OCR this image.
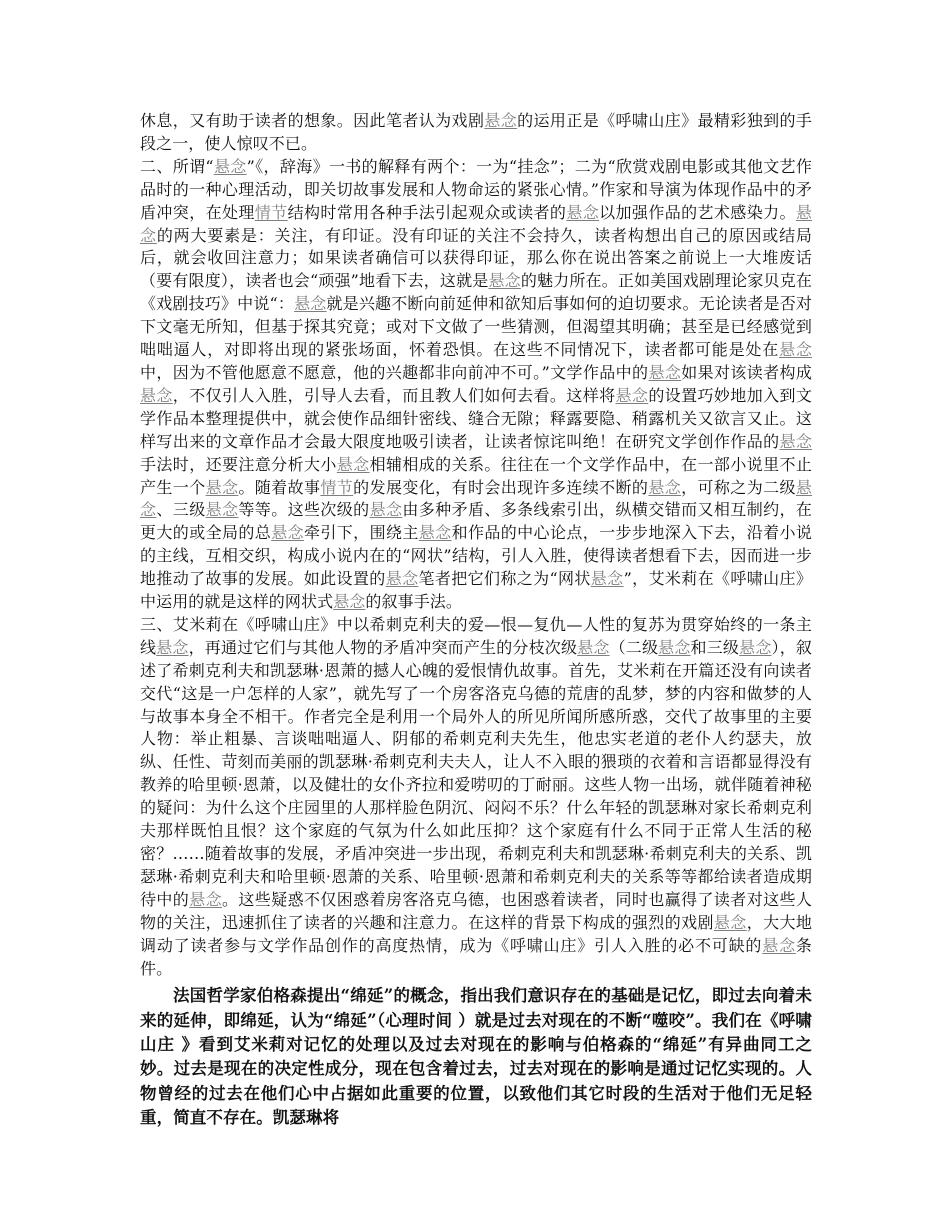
休息，又有助于读者的想象。因此笔者认为戏剧悬念的运用正是《呼啸山庄》最精彩独到的手段之一，使人惊叹不已。

二、所谓“悬念”《，辞海》一书的解释有两个：一为“挂念”；二为“欣赏戏剧电影或其他文艺作品时的一种心理活动，即关切故事发展和人物命运的紧张心情。”作家和导演为体现作品中的矛盾冲突，在处理情节结构时常用各种手法引起观众或读者的悬念以加强作品的艺术感染力。悬念的两大要素是：关注，有印证。没有印证的关注不会持久，读者构想出自己的原因或结局后，就会收回注意力；如果读者确信可以获得印证，那么你在说出答案之前说上一大堆废话（要有限度），读者也会“顽强”地看下去，这就是悬念的魅力所在。正如美国戏剧理论家贝克在《戏剧技巧》中说“：悬念就是兴趣不断向前延伸和欲知后事如何的迫切要求。无论读者是否对下文毫无所知，但基于探其究竟；或对下文做了一些猜测，但渴望其明确；甚至是已经感觉到咄咄逼人，对即将出现的紧张场面，怀着恐惧。在这些不同情况下，读者都可能是处在悬念中，因为不管他愿意不愿意，他的兴趣都非向前冲不可。”文学作品中的悬念如果对该读者构成悬念，不仅引人入胜，引导人去看，而且教人们如何去看。这样将悬念的设置巧妙地加入到文学作品本整理提供中，就会使作品细针密线、缝合无隙；释露要隐、稍露机关又欲言又止。这样写出来的文章作品才会最大限度地吸引读者，让读者惊诧叫绝！在研究文学创作作品的悬念手法时，还要注意分析大小悬念相辅相成的关系。往往在一个文学作品中，在一部小说里不止产生一个悬念。随着故事情节的发展变化，有时会出现许多连续不断的悬念，可称之为二级悬念、三级悬念等等。这些次级的悬念由多种矛盾、多条线索引出，纵横交错而又相互制约，在更大的或全局的总悬念牵引下，围绕主悬念和作品的中心论点，一步步地深入下去，沿着小说的主线，互相交织，构成小说内在的“网状”结构，引人入胜，使得读者想看下去，因而进一步地推动了故事的发展。如此设置的悬念笔者把它们称之为“网状悬念”，艾米莉在《呼啸山庄》中运用的就是这样的网状式悬念的叙事手法。

三、艾米莉在《呼啸山庄》中以希刺克利夫的爱—恨—复仇—人性的复苏为贯穿始终的一条主线悬念，再通过它们与其他人物的矛盾冲突而产生的分枝次级悬念（二级悬念和三级悬念），叙述了希刺克利夫和凯瑟琳·恩萧的撼人心魄的爱恨情仇故事。首先，艾米莉在开篇还没有向读者交代“这是一户怎样的人家”，就先写了一个房客洛克乌德的荒唐的乱梦，梦的内容和做梦的人与故事本身全不相干。作者完全是利用一个局外人的所见所闻所感所惑，交代了故事里的主要人物：举止粗暴、言谈咄咄逼人、阴郁的希刺克利夫先生，他忠实老道的老仆人约瑟夫，放纵、任性、苛刻而美丽的凯瑟琳·希刺克利夫夫人，让人不入眼的猥琐的衣着和言语都显得没有教养的哈里顿·恩萧，以及健壮的女仆齐拉和爱唠叨的丁耐丽。这些人物一出场，就伴随着神秘的疑问：为什么这个庄园里的人那样脸色阴沉、闷闷不乐？什么年轻的凯瑟琳对家长希刺克利夫那样既怕且恨？这个家庭的气氛为什么如此压抑？这个家庭有什么不同于正常人生活的秘密？……随着故事的发展，矛盾冲突进一步出现，希刺克利夫和凯瑟琳·希刺克利夫的关系、凯瑟琳·希刺克利夫和哈里顿·恩萧的关系、哈里顿·恩萧和希刺克利夫的关系等等都给读者造成期待中的悬念。这些疑惑不仅困惑着房客洛克乌德，也困惑着读者，同时也赢得了读者对这些人物的关注，迅速抓住了读者的兴趣和注意力。在这样的背景下构成的强烈的戏剧悬念，大大地调动了读者参与文学作品创作的高度热情，成为《呼啸山庄》引人入胜的必不可缺的悬念条件。

法国哲学家伯格森提出“绵延”的概念，指出我们意识存在的基础是记忆，即过去向着未来的延伸，即绵延，认为“绵延”（心理时间 ）就是过去对现在的不断“噬咬”。我们在《呼啸山庄 》看到艾米莉对记忆的处理以及过去对现在的影响与伯格森的“绵延”有异曲同工之妙。过去是现在的决定性成分，现在包含着过去，过去对现在的影响是通过记忆实现的。人物曾经的过去在他们心中占据如此重要的位置，以致他们其它时段的生活对于他们无足轻重，简直不存在。凯瑟琳将
